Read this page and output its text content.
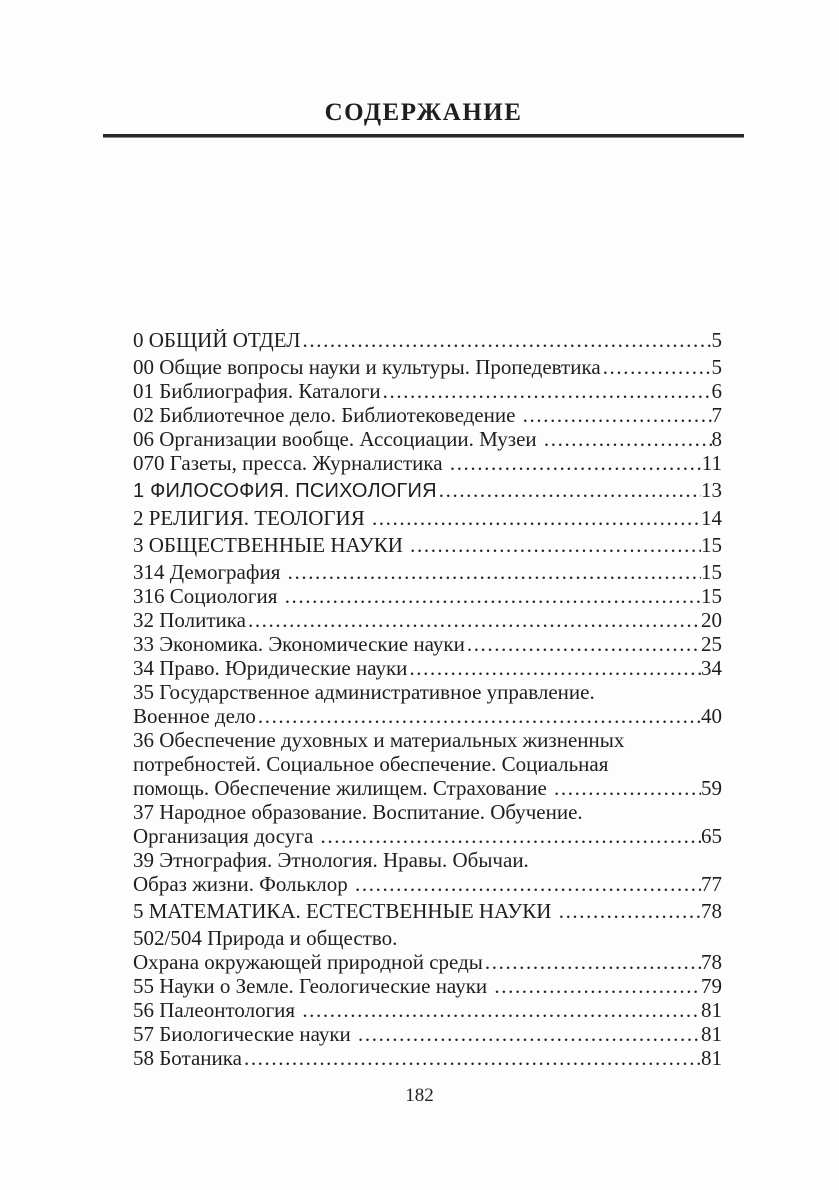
СОДЕРЖАНИЕ
0 ОБЩИЙ ОТДЕЛ .....	5
00 Общие вопросы науки и культуры. Пропедевтика .....	5
01 Библиография. Каталоги .....	6
02 Библиотечное дело. Библиотековедение .....	7
06 Организации вообще. Ассоциации. Музеи .....	8
070 Газеты, пресса. Журналистика .....	11
1 ФИЛОСОФИЯ. ПСИХОЛОГИЯ .....	13
2 РЕЛИГИЯ. ТЕОЛОГИЯ .....	14
3 ОБЩЕСТВЕННЫЕ НАУКИ .....	15
314 Демография .....	15
316 Социология .....	15
32 Политика .....	20
33 Экономика. Экономические науки .....	25
34 Право. Юридические науки .....	34
35 Государственное административное управление.
Военное дело .....	40
36 Обеспечение духовных и материальных жизненных
потребностей. Социальное обеспечение. Социальная
помощь. Обеспечение жилищем. Страхование .....	59
37 Народное образование. Воспитание. Обучение.
Организация досуга .....	65
39 Этнография. Этнология. Нравы. Обычаи.
Образ жизни. Фольклор .....	77
5 МАТЕМАТИКА. ЕСТЕСТВЕННЫЕ НАУКИ .....	78
502/504 Природа и общество.
Охрана окружающей природной среды .....	78
55 Науки о Земле. Геологические науки .....	79
56 Палеонтология .....	81
57 Биологические науки .....	81
58 Ботаника .....	81
182
